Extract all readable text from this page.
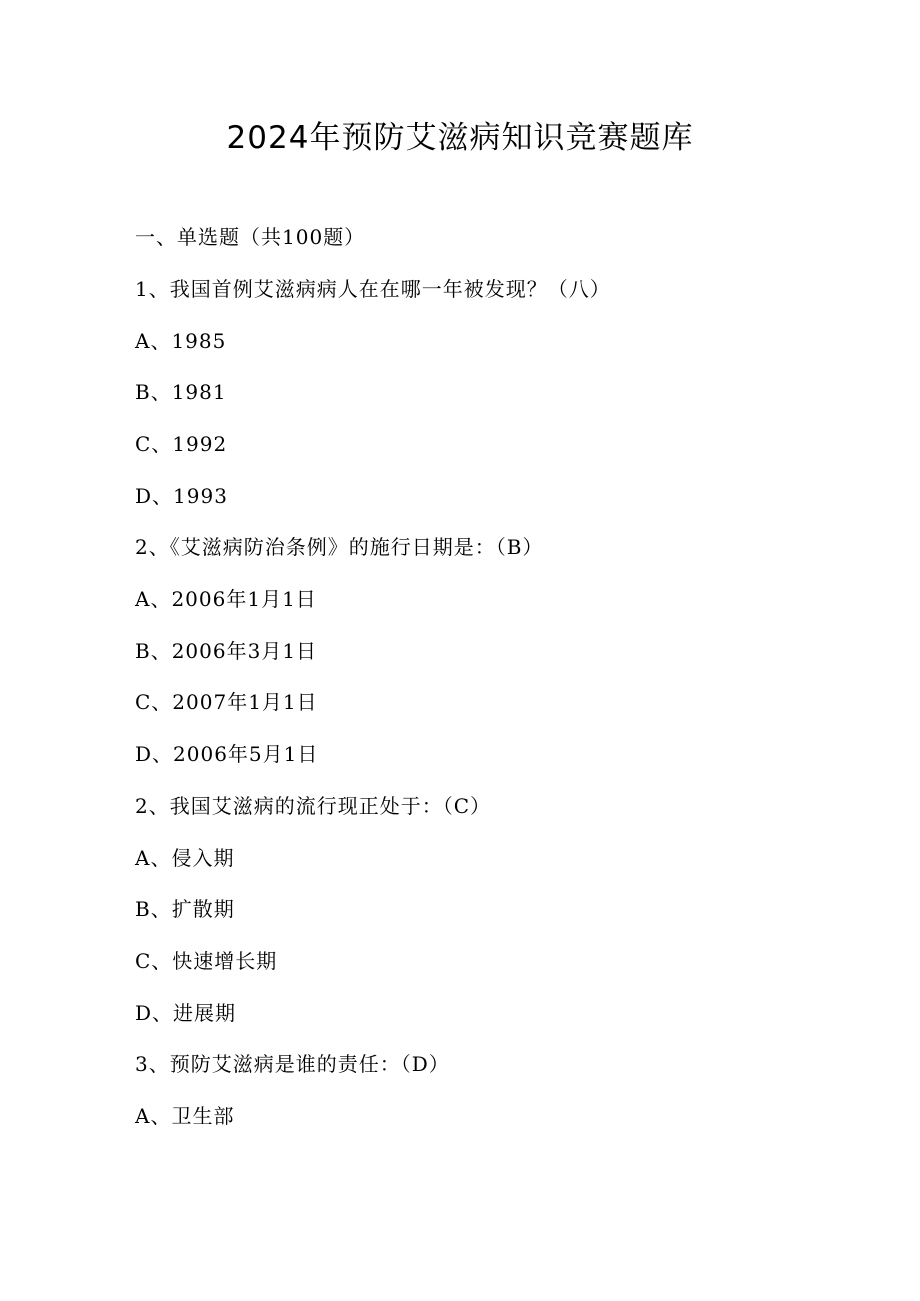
2024年预防艾滋病知识竞赛题库
一、单选题（共100题）
1、我国首例艾滋病病人在在哪一年被发现？（八）
A、1985
B、1981
C、1992
D、1993
2、《艾滋病防治条例》的施行日期是：（B）
A、2006年1月1日
B、2006年3月1日
C、2007年1月1日
D、2006年5月1日
2、我国艾滋病的流行现正处于：（C）
A、侵入期
B、扩散期
C、快速增长期
D、进展期
3、预防艾滋病是谁的责任：（D）
A、卫生部
